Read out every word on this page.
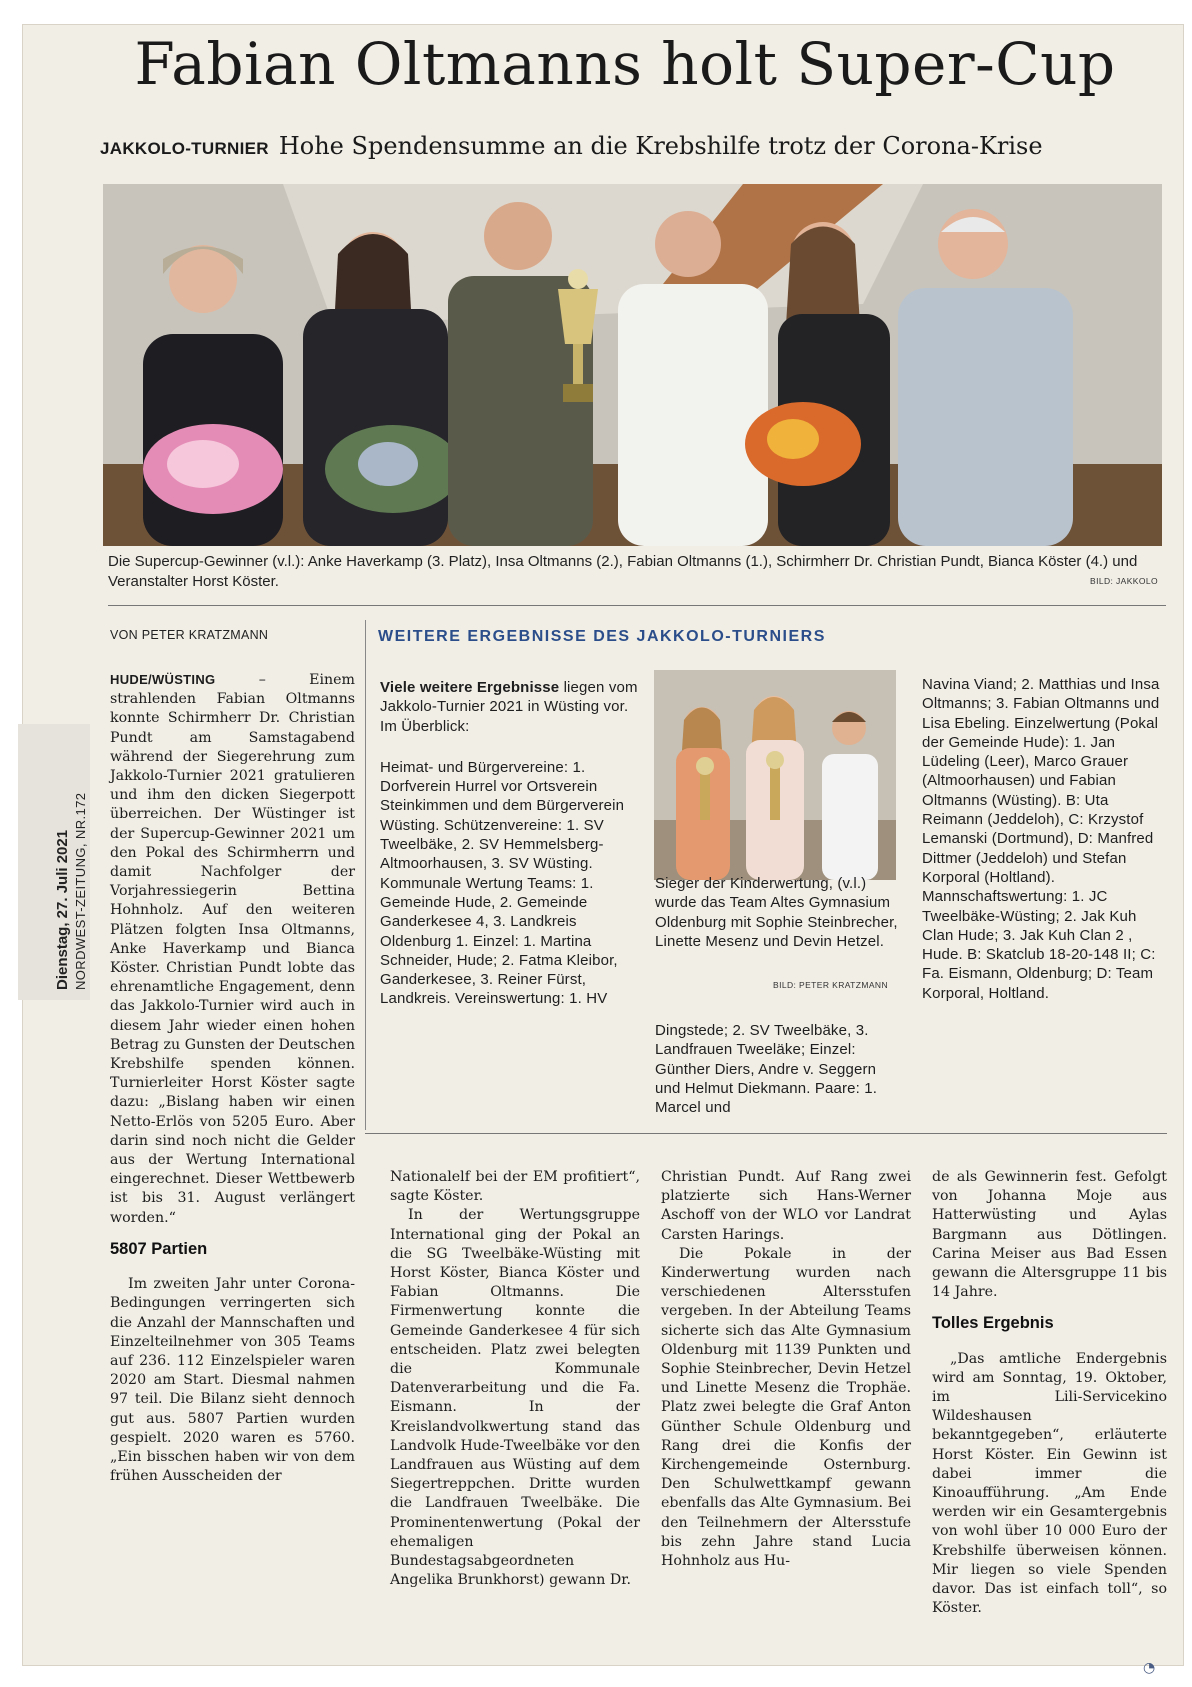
Dienstag, 27. Juli 2021 NORDWEST-ZEITUNG, NR.172
Fabian Oltmanns holt Super-Cup
JAKKOLO-TURNIER Hohe Spendensumme an die Krebshilfe trotz der Corona-Krise
Die Supercup-Gewinner (v.l.): Anke Haverkamp (3. Platz), Insa Oltmanns (2.), Fabian Oltmanns (1.), Schirmherr Dr. Christian Pundt, Bianca Köster (4.) und Veranstalter Horst Köster.	BILD: JAKKOLO
VON PETER KRATZMANN	WEITERE ERGEBNISSE DES JAKKOLO-TURNIERS

HUDE/WÜSTING	– Einem strahlenden Fabian Oltmanns konnte Schirmherr Dr. Christian Pundt am Samstagabend während der Siegerehrung zum Jakkolo-Turnier 2021 gratulieren und ihm den dicken Siegerpott überreichen. Der Wüstinger ist der Supercup-Gewinner 2021 um den Pokal des Schirmherrn und damit Nachfolger der Vorjahressiegerin Bettina Hohnholz. Auf den weiteren Plätzen folgten Insa Oltmanns, Anke Haverkamp und Bianca Köster. Christian Pundt lobte das ehrenamtliche Engagement, denn das Jakkolo-Turnier wird auch in diesem Jahr wieder einen hohen Betrag zu Gunsten der Deutschen Krebshilfe spenden können. Turnierleiter Horst Köster sagte dazu: „Bislang haben wir einen Netto-Erlös von 5205 Euro. Aber darin sind noch nicht die Gelder aus der Wertung International eingerechnet. Dieser Wettbewerb ist bis 31. August verlängert worden.“

5807 Partien

Im zweiten Jahr unter Corona-Bedingungen verringerten sich die Anzahl der Mannschaften und Einzelteilnehmer von 305 Teams auf 236. 112 Einzelspieler waren 2020 am Start. Diesmal nahmen 97 teil. Die Bilanz sieht dennoch gut aus. 5807 Partien wurden gespielt. 2020 waren es 5760. „Ein bisschen haben wir von dem frühen Ausscheiden der

Viele weitere Ergebnisse liegen vom Jakkolo-Turnier 2021 in Wüsting vor. Im Überblick:

Heimat- und Bürgervereine: 1. Dorfverein Hurrel vor Ortsverein Steinkimmen und dem Bürgerverein Wüsting. Schützenvereine: 1. SV Tweelbäke, 2. SV Hemmelsberg-Altmoorhausen, 3. SV Wüsting. Kommunale Wertung Teams: 1. Gemeinde Hude, 2. Gemeinde Ganderkesee 4, 3. Landkreis Oldenburg 1. Einzel: 1. Martina Schneider, Hude; 2. Fatma Kleibor, Ganderkesee, 3. Reiner Fürst, Landkreis. Vereinswertung: 1. HV

Sieger der Kinderwertung, (v.l.) wurde das Team Altes Gymnasium Oldenburg mit Sophie Steinbrecher, Linette Mesenz und Devin Hetzel.

BILD: PETER KRATZMANN

Dingstede; 2. SV Tweelbäke, 3. Landfrauen Tweeläke; Einzel: Günther Diers, Andre v. Seggern und Helmut Diekmann. Paare: 1. Marcel und

Navina Viand; 2. Matthias und Insa Oltmanns; 3. Fabian Oltmanns und Lisa Ebeling. Einzelwertung (Pokal der Gemeinde Hude): 1. Jan Lüdeling (Leer), Marco Grauer (Altmoorhausen) und Fabian Oltmanns (Wüsting). B: Uta Reimann (Jeddeloh), C: Krzystof Lemanski (Dortmund), D: Manfred Dittmer (Jeddeloh) und Stefan Korporal (Holtland). Mannschaftswertung: 1. JC Tweelbäke-Wüsting; 2. Jak Kuh Clan Hude; 3. Jak Kuh Clan 2 , Hude. B: Skatclub 18-20-148 II; C: Fa. Eismann, Oldenburg; D: Team Korporal, Holtland.

Nationalelf bei der EM profitiert“, sagte Köster.

In der Wertungsgruppe International ging der Pokal an die SG Tweelbäke-Wüsting mit Horst Köster, Bianca Köster und Fabian Oltmanns. Die Firmenwertung konnte die Gemeinde Ganderkesee 4 für sich entscheiden. Platz zwei belegten die Kommunale Datenverarbeitung und die Fa. Eismann. In der Kreislandvolkwertung stand das Landvolk Hude-Tweelbäke vor den Landfrauen aus Wüsting auf dem Siegertreppchen. Dritte wurden die Landfrauen Tweelbäke. Die Prominentenwertung (Pokal der ehemaligen Bundestagsabgeordneten Angelika Brunkhorst) gewann Dr.

Christian Pundt. Auf Rang zwei platzierte sich Hans-Werner Aschoff von der WLO vor Landrat Carsten Harings.

Die Pokale in der Kinderwertung wurden nach verschiedenen Altersstufen vergeben. In der Abteilung Teams sicherte sich das Alte Gymnasium Oldenburg mit 1139 Punkten und Sophie Steinbrecher, Devin Hetzel und Linette Mesenz die Trophäe. Platz zwei belegte die Graf Anton Günther Schule Oldenburg und Rang drei die Konfis der Kirchengemeinde Osternburg. Den Schulwettkampf gewann ebenfalls das Alte Gymnasium. Bei den Teilnehmern der Altersstufe bis zehn Jahre stand Lucia Hohnholz aus Hu-

de als Gewinnerin fest. Gefolgt von Johanna Moje aus Hatterwüsting und Aylas Bargmann aus Dötlingen. Carina Meiser aus Bad Essen gewann die Altersgruppe 11 bis 14 Jahre.

Tolles Ergebnis

„Das amtliche Endergebnis wird am Sonntag, 19. Oktober, im Lili-Servicekino Wildeshausen bekanntgegeben“, erläuterte Horst Köster. Ein Gewinn ist dabei immer die Kinoaufführung. „Am Ende werden wir ein Gesamtergebnis von wohl über 10 000 Euro der Krebshilfe überweisen können. Mir liegen so viele Spenden davor. Das ist einfach toll“, so Köster.

◔
